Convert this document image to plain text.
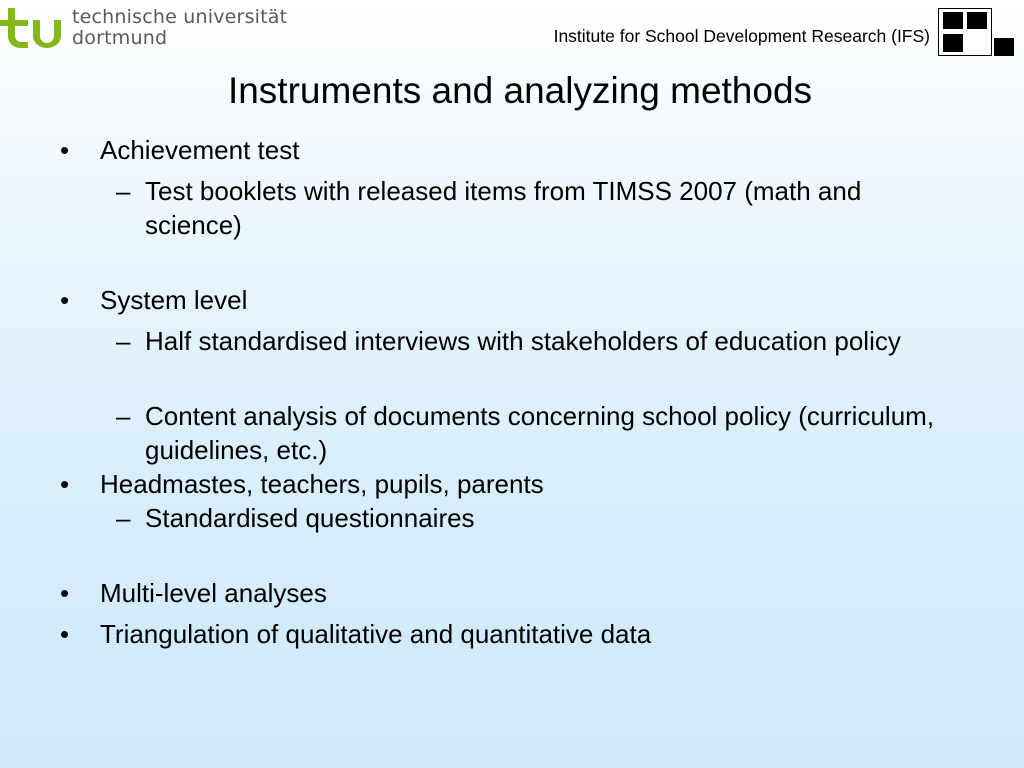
technische universität
dortmund	Institute for School Development Research (IFS)
Instruments and analyzing methods
•	Achievement test
– Test booklets with released items from TIMSS 2007 (math and science)
•	System level
– Half standardised interviews with stakeholders of education policy
– Content analysis of documents concerning school policy (curriculum, guidelines, etc.)
•	Headmastes, teachers, pupils, parents
– Standardised questionnaires
•	Multi-level analyses
•	Triangulation of qualitative and quantitative data
